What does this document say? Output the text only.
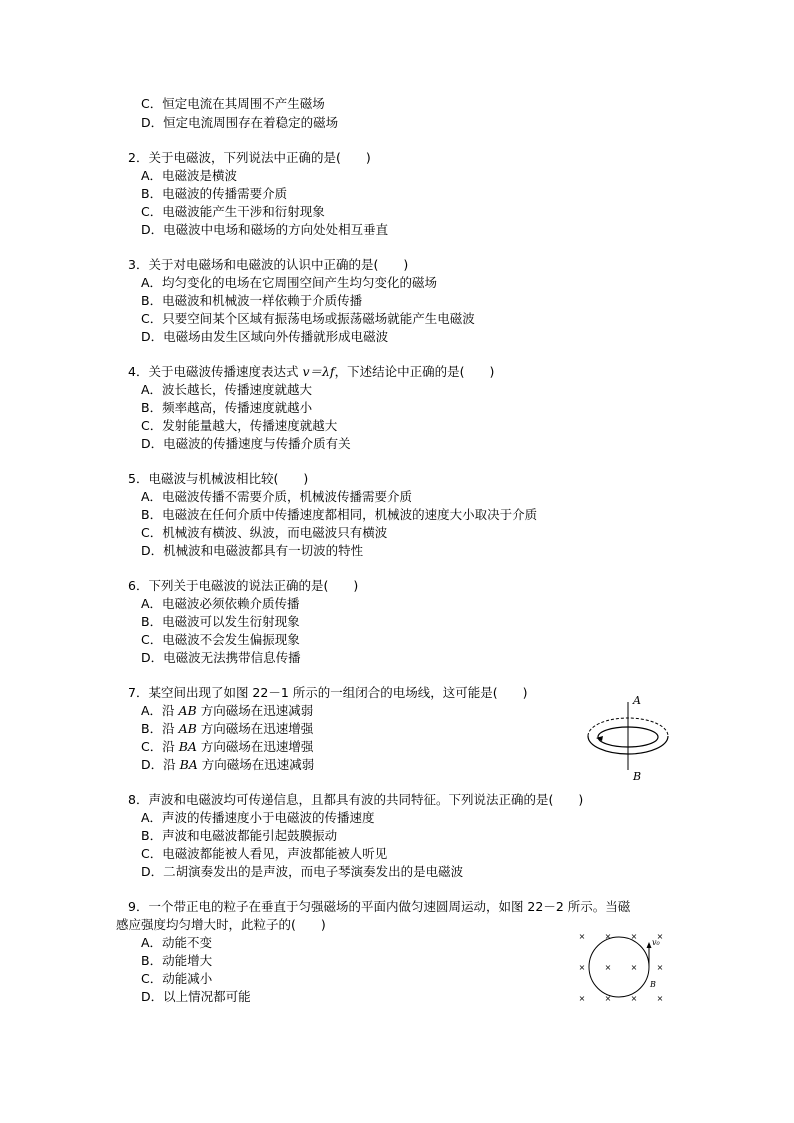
C．恒定电流在其周围不产生磁场
D．恒定电流周围存在着稳定的磁场
2．关于电磁波，下列说法中正确的是(　　)
A．电磁波是横波
B．电磁波的传播需要介质
C．电磁波能产生干涉和衍射现象
D．电磁波中电场和磁场的方向处处相互垂直
3．关于对电磁场和电磁波的认识中正确的是(　　)
A．均匀变化的电场在它周围空间产生均匀变化的磁场
B．电磁波和机械波一样依赖于介质传播
C．只要空间某个区域有振荡电场或振荡磁场就能产生电磁波
D．电磁场由发生区域向外传播就形成电磁波
4．关于电磁波传播速度表达式 v＝λf，下述结论中正确的是(　　)
A．波长越长，传播速度就越大
B．频率越高，传播速度就越小
C．发射能量越大，传播速度就越大
D．电磁波的传播速度与传播介质有关
5．电磁波与机械波相比较(　　)
A．电磁波传播不需要介质，机械波传播需要介质
B．电磁波在任何介质中传播速度都相同，机械波的速度大小取决于介质
C．机械波有横波、纵波，而电磁波只有横波
D．机械波和电磁波都具有一切波的特性
6．下列关于电磁波的说法正确的是(　　)
A．电磁波必须依赖介质传播
B．电磁波可以发生衍射现象
C．电磁波不会发生偏振现象
D．电磁波无法携带信息传播
7．某空间出现了如图 22－1 所示的一组闭合的电场线，这可能是(　　)
A．沿 AB 方向磁场在迅速减弱
B．沿 AB 方向磁场在迅速增强
C．沿 BA 方向磁场在迅速增强
D．沿 BA 方向磁场在迅速减弱
A
B
8．声波和电磁波均可传递信息，且都具有波的共同特征。下列说法正确的是(　　)
A．声波的传播速度小于电磁波的传播速度
B．声波和电磁波都能引起鼓膜振动
C．电磁波都能被人看见，声波都能被人听见
D．二胡演奏发出的是声波，而电子琴演奏发出的是电磁波
9．一个带正电的粒子在垂直于匀强磁场的平面内做匀速圆周运动，如图 22－2 所示。当磁
感应强度均匀增大时，此粒子的(　　)
A．动能不变
B．动能增大
C．动能减小
D．以上情况都可能
× × × ×
× × × ×
× × × ×
v₀
B
